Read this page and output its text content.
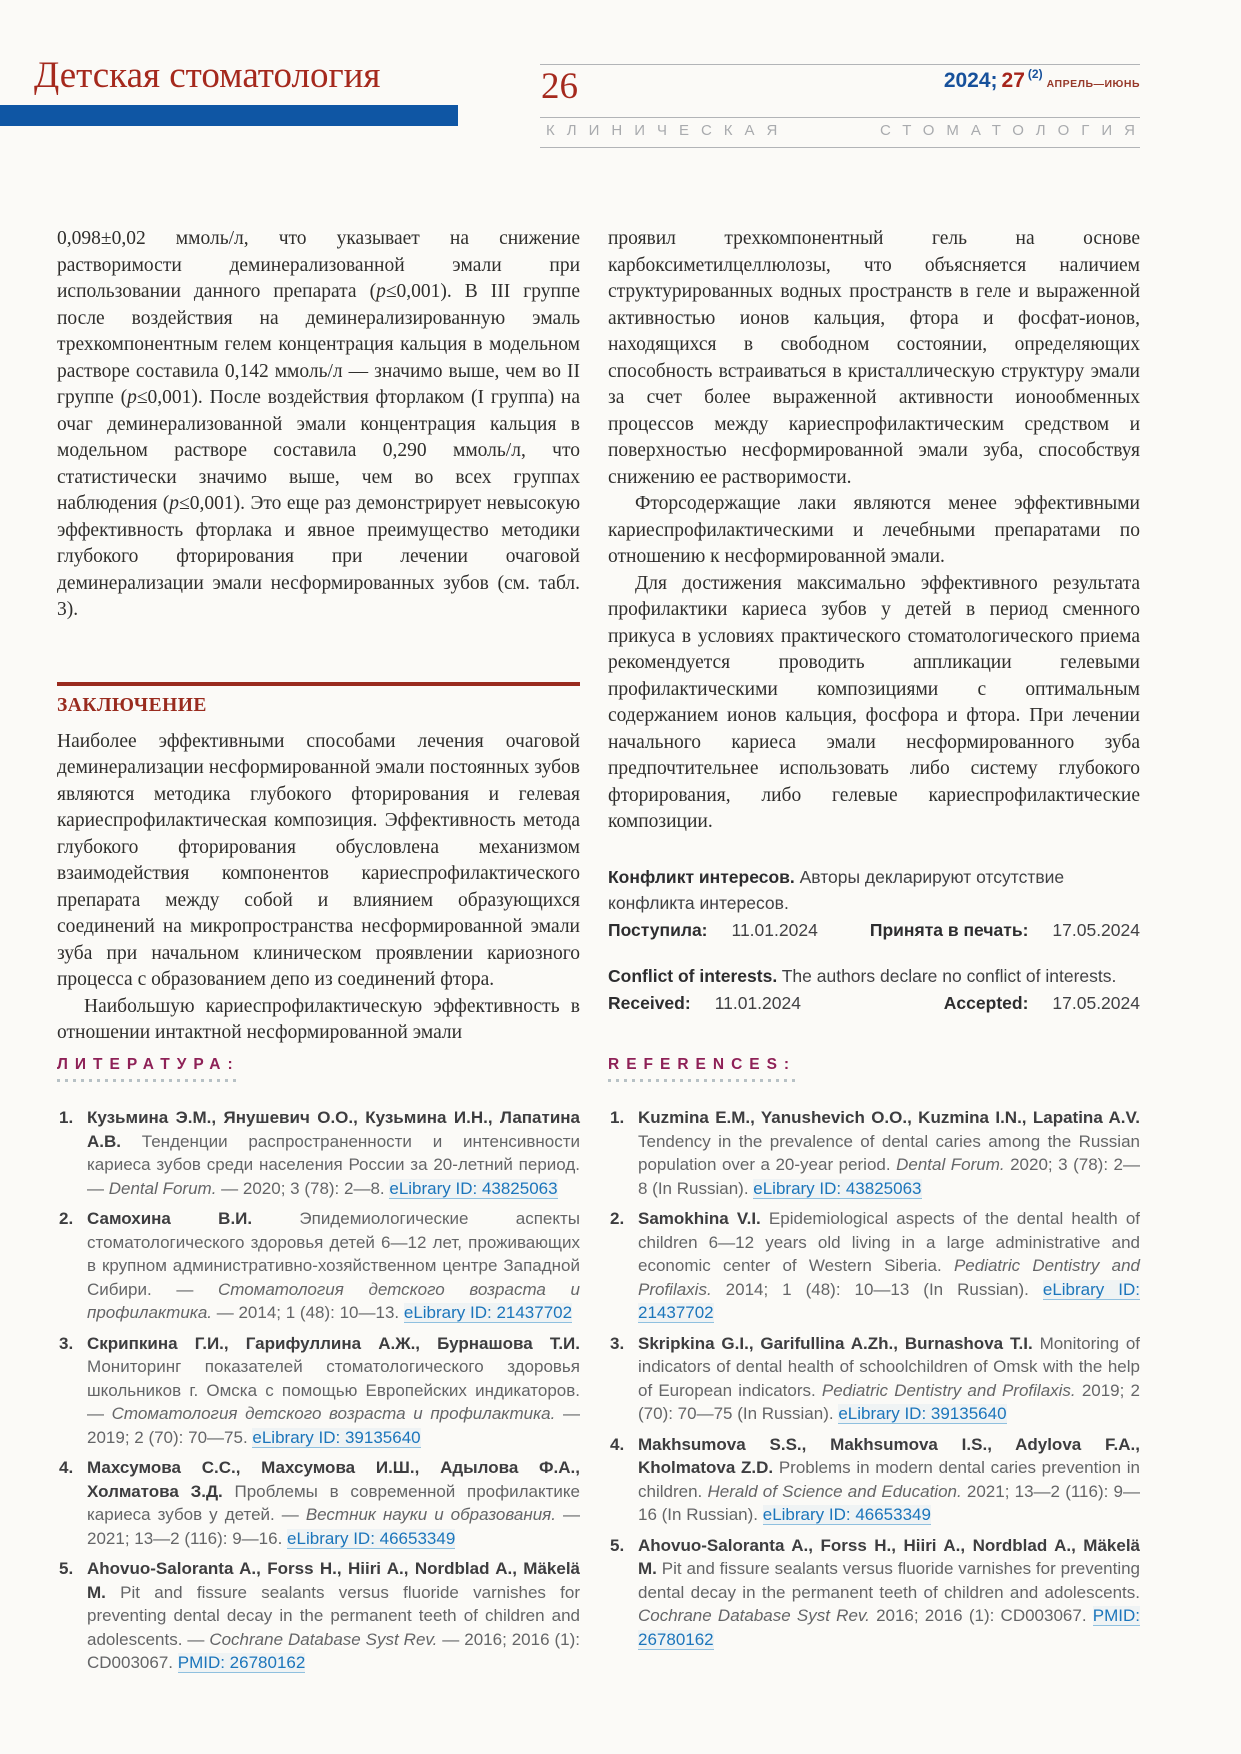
Детская стоматология	26	2024; 27 $^{(2)}$АПРЕЛЬ—ИЮНЬ
КЛИНИЧЕСКАЯ	СТОМАТОЛОГИЯ

0,098±0,02 ммоль/л, что указывает на снижение растворимости деминерализованной эмали при использовании данного препарата (p≤0,001). В III группе после воздействия на деминерализированную эмаль трехкомпонентным гелем концентрация кальция в модельном растворе составила 0,142 ммоль/л — значимо выше, чем во II группе (p≤0,001). После воздействия фторлаком (I группа) на очаг деминерализованной эмали концентрация кальция в модельном растворе составила 0,290 ммоль/л, что статистически значимо выше, чем во всех группах наблюдения (p≤0,001). Это еще раз демонстрирует невысокую эффективность фторлака и явное преимущество методики глубокого фторирования при лечении очаговой деминерализации эмали несформированных зубов (см. табл. 3).

ЗАКЛЮЧЕНИЕ

Наиболее эффективными способами лечения очаговой деминерализации несформированной эмали постоянных зубов являются методика глубокого фторирования и гелевая кариеспрофилактическая композиция. Эффективность метода глубокого фторирования обусловлена механизмом взаимодействия компонентов кариеспрофилактического препарата между собой и влиянием образующихся соединений на микропространства несформированной эмали зуба при начальном клиническом проявлении кариозного процесса с образованием депо из соединений фтора.

Наибольшую кариеспрофилактическую эффективность в отношении интактной несформированной эмали

проявил трехкомпонентный гель на основе карбоксиметилцеллюлозы, что объясняется наличием структурированных водных пространств в геле и выраженной активностью ионов кальция, фтора и фосфат-ионов, находящихся в свободном состоянии, определяющих способность встраиваться в кристаллическую структуру эмали за счет более выраженной активности ионообменных процессов между кариеспрофилактическим средством и поверхностью несформированной эмали зуба, способствуя снижению ее растворимости.

Фторсодержащие лаки являются менее эффективными кариеспрофилактическими и лечебными препаратами по отношению к несформированной эмали.

Для достижения максимально эффективного результата профилактики кариеса зубов у детей в период сменного прикуса в условиях практического стоматологического приема рекомендуется проводить аппликации гелевыми профилактическими композициями с оптимальным содержанием ионов кальция, фосфора и фтора. При лечении начального кариеса эмали несформированного зуба предпочтительнее использовать либо систему глубокого фторирования, либо гелевые кариеспрофилактические композиции.

Конфликт интересов. Авторы декларируют отсутствие конфликта интересов.

Поступила: 11.01.2024	Принята в печать: 17.05.2024

Conflict of interests. The authors declare no conflict of interests.

Received: 11.01.2024	Accepted: 17.05.2024
ЛИТЕРАТУРА:
1. Кузьмина Э.М., Янушевич О.О., Кузьмина И.Н., Лапатина А.В. Тенденции распространенности и интенсивности кариеса зубов среди населения России за 20-летний период. — Dental Forum. — 2020; 3 (78): 2—8. eLibrary ID: 43825063
2. Самохина В.И. Эпидемиологические аспекты стоматологического здоровья детей 6—12 лет, проживающих в крупном административно-хозяйственном центре Западной Сибири. — Стоматология детского возраста и профилактика. — 2014; 1 (48): 10—13. eLibrary ID: 21437702
3. Скрипкина Г.И., Гарифуллина А.Ж., Бурнашова Т.И. Мониторинг показателей стоматологического здоровья школьников г. Омска с помощью Европейских индикаторов. — Стоматология детского возраста и профилактика. — 2019; 2 (70): 70—75. eLibrary ID: 39135640
4. Махсумова С.С., Махсумова И.Ш., Адылова Ф.А., Холматова З.Д. Проблемы в современной профилактике кариеса зубов у детей. — Вестник науки и образования. — 2021; 13—2 (116): 9—16. eLibrary ID: 46653349
5. Ahovuo-Saloranta A., Forss H., Hiiri A., Nordblad A., Mäkelä M. Pit and fissure sealants versus fluoride varnishes for preventing dental decay in the permanent teeth of children and adolescents. — Cochrane Database Syst Rev. — 2016; 2016 (1): CD003067. PMID: 26780162
REFERENCES:
1. Kuzmina E.M., Yanushevich O.O., Kuzmina I.N., Lapatina A.V. Tendency in the prevalence of dental caries among the Russian population over a 20-year period. Dental Forum. 2020; 3 (78): 2—8 (In Russian). eLibrary ID: 43825063
2. Samokhina V.I. Epidemiological aspects of the dental health of children 6—12 years old living in a large administrative and economic center of Western Siberia. Pediatric Dentistry and Profilaxis. 2014; 1 (48): 10—13 (In Russian). eLibrary ID: 21437702
3. Skripkina G.I., Garifullina A.Zh., Burnashova T.I. Monitoring of indicators of dental health of schoolchildren of Omsk with the help of European indicators. Pediatric Dentistry and Profilaxis. 2019; 2 (70): 70—75 (In Russian). eLibrary ID: 39135640
4. Makhsumova S.S., Makhsumova I.S., Adylova F.A., Kholmatova Z.D. Problems in modern dental caries prevention in children. Herald of Science and Education. 2021; 13—2 (116): 9—16 (In Russian). eLibrary ID: 46653349
5. Ahovuo-Saloranta A., Forss H., Hiiri A., Nordblad A., Mäkelä M. Pit and fissure sealants versus fluoride varnishes for preventing dental decay in the permanent teeth of children and adolescents. Cochrane Database Syst Rev. 2016; 2016 (1): CD003067. PMID: 26780162
